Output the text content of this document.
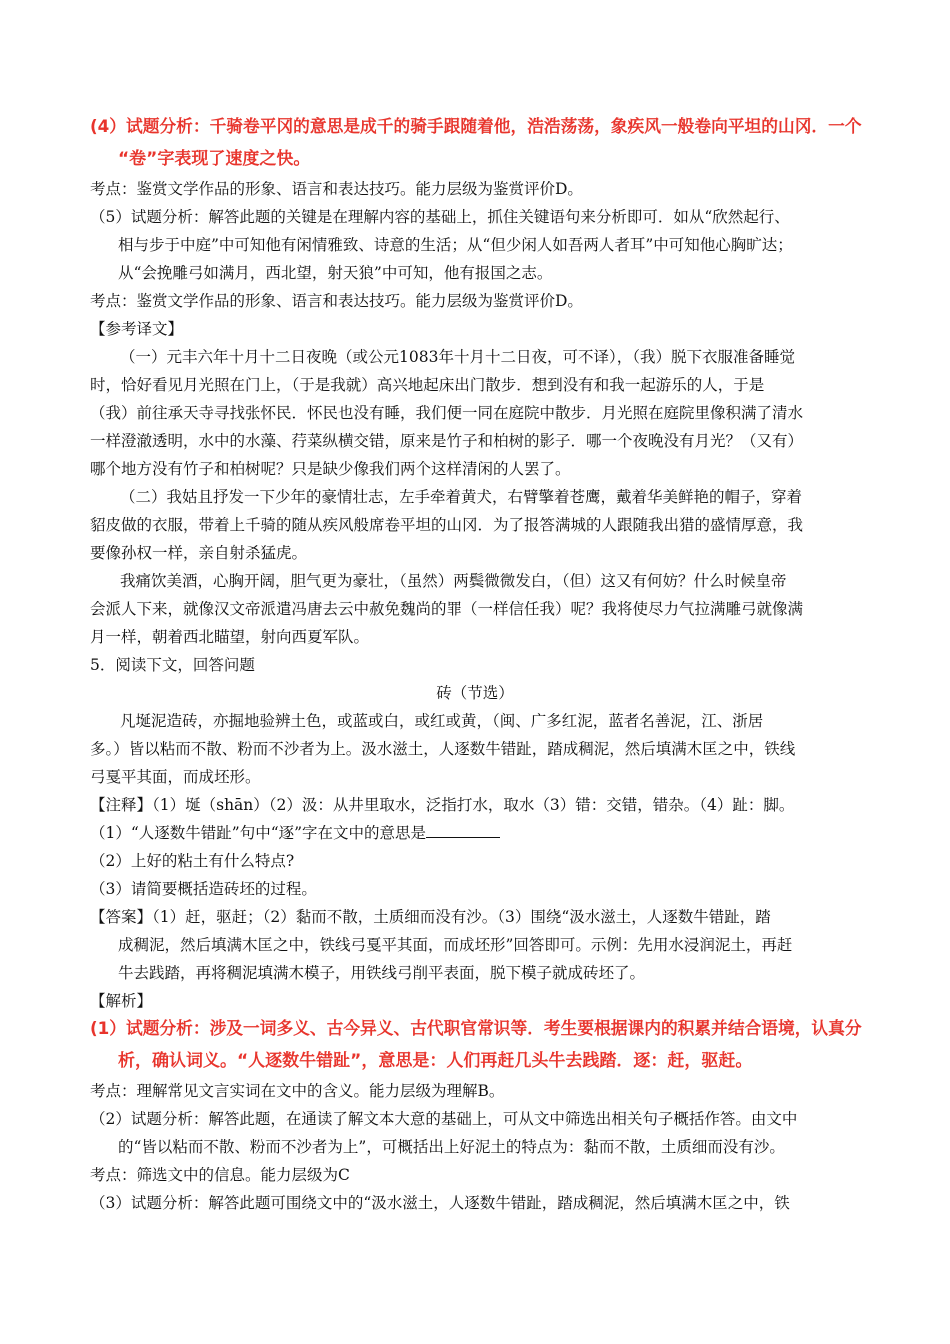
(4）试题分析：千骑卷平冈的意思是成千的骑手跟随着他，浩浩荡荡，象疾风一般卷向平坦的山冈．一个
“卷”字表现了速度之快。
考点：鉴赏文学作品的形象、语言和表达技巧。能力层级为鉴赏评价D。
（5）试题分析：解答此题的关键是在理解内容的基础上，抓住关键语句来分析即可．如从“欣然起行、
相与步于中庭”中可知他有闲情雅致、诗意的生活；从“但少闲人如吾两人者耳”中可知他心胸旷达；
从“会挽雕弓如满月，西北望，射天狼”中可知，他有报国之志。
考点：鉴赏文学作品的形象、语言和表达技巧。能力层级为鉴赏评价D。
【参考译文】
（一）元丰六年十月十二日夜晚（或公元1083年十月十二日夜，可不译），（我）脱下衣服准备睡觉
时，恰好看见月光照在门上，（于是我就）高兴地起床出门散步．想到没有和我一起游乐的人，于是
（我）前往承天寺寻找张怀民．怀民也没有睡，我们便一同在庭院中散步．月光照在庭院里像积满了清水
一样澄澈透明，水中的水藻、荇菜纵横交错，原来是竹子和柏树的影子．哪一个夜晚没有月光？（又有）
哪个地方没有竹子和柏树呢？只是缺少像我们两个这样清闲的人罢了。
（二）我姑且抒发一下少年的豪情壮志，左手牵着黄犬，右臂擎着苍鹰，戴着华美鲜艳的帽子，穿着
貂皮做的衣服，带着上千骑的随从疾风般席卷平坦的山冈．为了报答满城的人跟随我出猎的盛情厚意，我
要像孙权一样，亲自射杀猛虎。
我痛饮美酒，心胸开阔，胆气更为豪壮，（虽然）两鬓微微发白，（但）这又有何妨？什么时候皇帝
会派人下来，就像汉文帝派遣冯唐去云中赦免魏尚的罪（一样信任我）呢？我将使尽力气拉满雕弓就像满
月一样，朝着西北瞄望，射向西夏军队。
5．阅读下文，回答问题
砖（节选）
凡埏泥造砖，亦掘地验辨土色，或蓝或白，或红或黄，（闽、广多红泥，蓝者名善泥，江、浙居
多。）皆以粘而不散、粉而不沙者为上。汲水滋土，人逐数牛错趾，踏成稠泥，然后填满木匡之中，铁线
弓戛平其面，而成坯形。
【注释】（1）埏（shān）（2）汲：从井里取水，泛指打水，取水（3）错：交错，错杂。（4）趾：脚。
（1）“人逐数牛错趾”句中“逐”字在文中的意思是
（2）上好的粘土有什么特点?
（3）请简要概括造砖坯的过程。
【答案】（1）赶，驱赶；（2）黏而不散，土质细而没有沙。（3）围绕“汲水滋土，人逐数牛错趾，踏
成稠泥，然后填满木匡之中，铁线弓戛平其面，而成坯形”回答即可。示例：先用水浸润泥土，再赶
牛去践踏，再将稠泥填满木模子，用铁线弓削平表面，脱下模子就成砖坯了。
【解析】
(1）试题分析：涉及一词多义、古今异义、古代职官常识等．考生要根据课内的积累并结合语境，认真分
析，确认词义。“人逐数牛错趾”，意思是：人们再赶几头牛去践踏．逐：赶，驱赶。
考点：理解常见文言实词在文中的含义。能力层级为理解B。
（2）试题分析：解答此题，在通读了解文本大意的基础上，可从文中筛选出相关句子概括作答。由文中
的“皆以粘而不散、粉而不沙者为上”，可概括出上好泥土的特点为：黏而不散，土质细而没有沙。
考点：筛选文中的信息。能力层级为C
（3）试题分析：解答此题可围绕文中的“汲水滋土，人逐数牛错趾，踏成稠泥，然后填满木匡之中，铁
